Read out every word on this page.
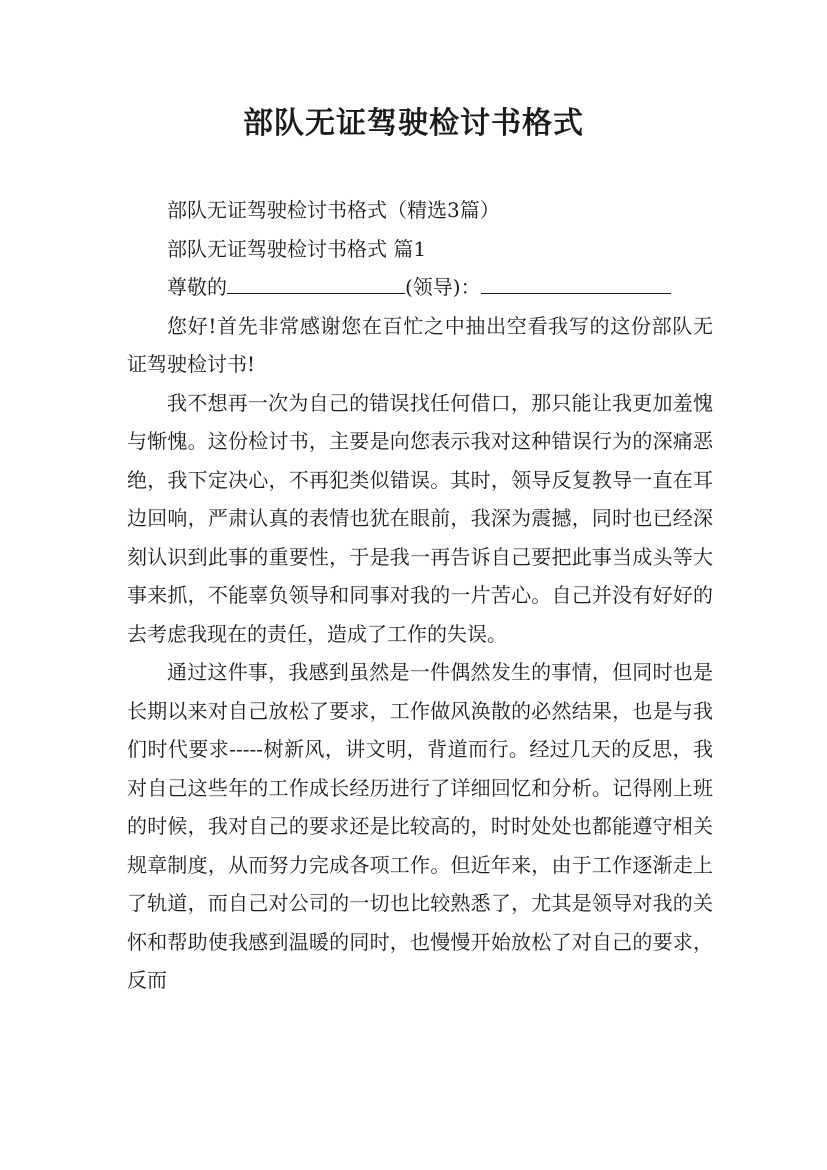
部队无证驾驶检讨书格式

部队无证驾驶检讨书格式（精选3篇）

部队无证驾驶检讨书格式 篇1

尊敬的	(领导)：

您好!首先非常感谢您在百忙之中抽出空看我写的这份部队无证驾驶检讨书!

我不想再一次为自己的错误找任何借口，那只能让我更加羞愧与惭愧。这份检讨书，主要是向您表示我对这种错误行为的深痛恶绝，我下定决心，不再犯类似错误。其时，领导反复教导一直在耳边回响，严肃认真的表情也犹在眼前，我深为震撼，同时也已经深刻认识到此事的重要性，于是我一再告诉自己要把此事当成头等大事来抓，不能辜负领导和同事对我的一片苦心。自己并没有好好的去考虑我现在的责任，造成了工作的失误。

通过这件事，我感到虽然是一件偶然发生的事情，但同时也是长期以来对自己放松了要求，工作做风涣散的必然结果，也是与我们时代要求-----树新风，讲文明，背道而行。经过几天的反思，我对自己这些年的工作成长经历进行了详细回忆和分析。记得刚上班的时候，我对自己的要求还是比较高的，时时处处也都能遵守相关规章制度，从而努力完成各项工作。但近年来，由于工作逐渐走上了轨道，而自己对公司的一切也比较熟悉了，尤其是领导对我的关怀和帮助使我感到温暖的同时，也慢慢开始放松了对自己的要求，反而
